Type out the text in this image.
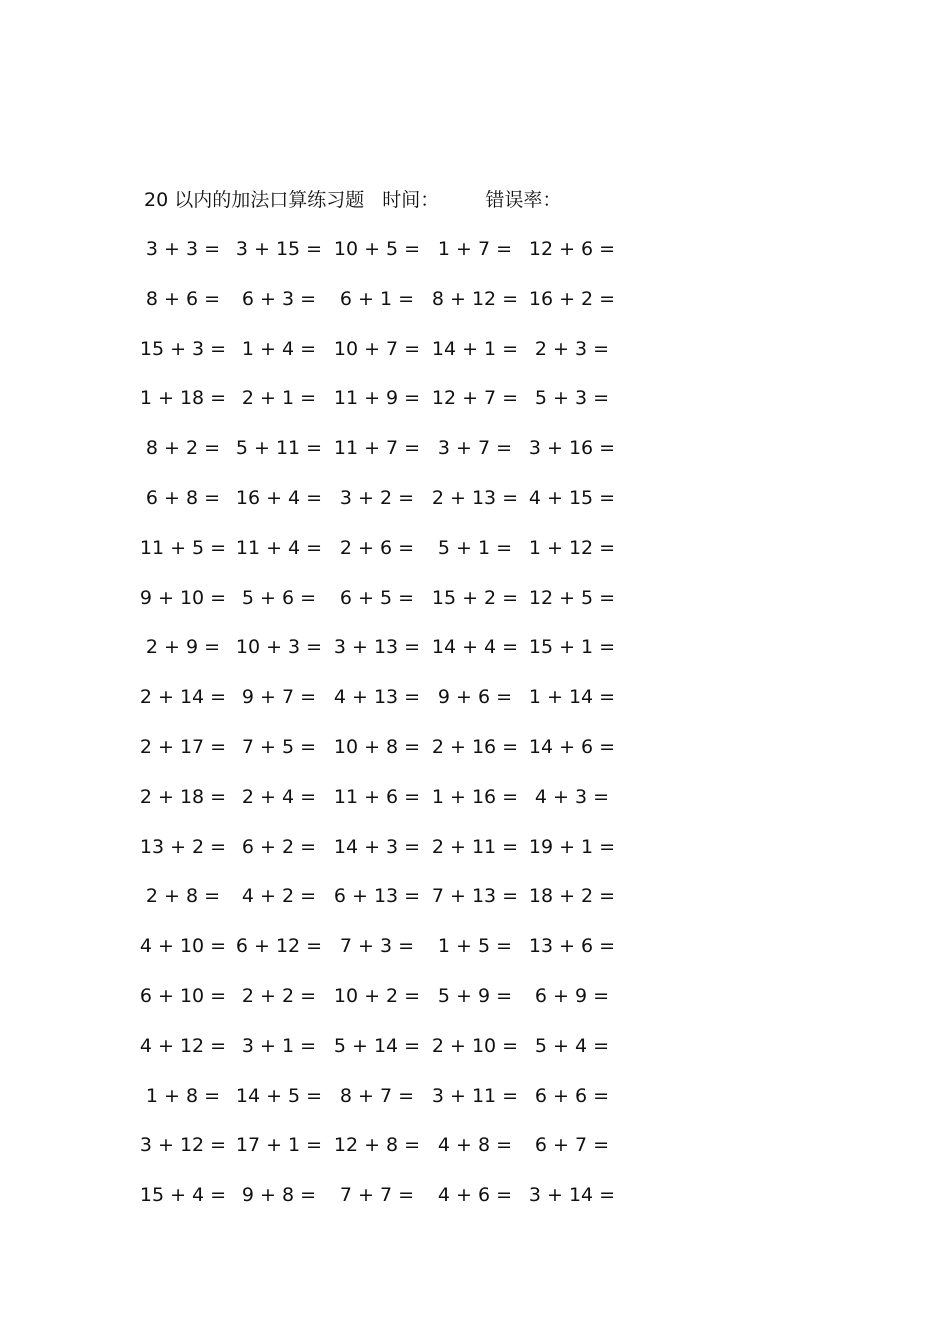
20 以内的加法口算练习题 时间： 错误率：
3 + 3 = 3 + 15 = 10 + 5 = 1 + 7 = 12 + 6 =
8 + 6 =	6 + 3 =	6 + 1 = 8 + 12 = 16 + 2 =
15 + 3 = 1 + 4 = 10 + 7 = 14 + 1 = 2 + 3 =
1 + 18 = 2 + 1 = 11 + 9 = 12 + 7 = 5 + 3 =
8 + 2 = 5 + 11 = 11 + 7 = 3 + 7 = 3 + 16 =
6 + 8 = 16 + 4 = 3 + 2 = 2 + 13 = 4 + 15 =
11 + 5 = 11 + 4 = 2 + 6 =	5 + 1 = 1 + 12 =
9 + 10 = 5 + 6 =	6 + 5 = 15 + 2 = 12 + 5 =
2 + 9 = 10 + 3 = 3 + 13 = 14 + 4 = 15 + 1 =
2 + 14 = 9 + 7 = 4 + 13 = 9 + 6 = 1 + 14 =
2 + 17 = 7 + 5 = 10 + 8 = 2 + 16 = 14 + 6 =
2 + 18 = 2 + 4 = 11 + 6 = 1 + 16 = 4 + 3 =
13 + 2 = 6 + 2 = 14 + 3 = 2 + 11 = 19 + 1 =
2 + 8 =	4 + 2 = 6 + 13 = 7 + 13 = 18 + 2 =
4 + 10 = 6 + 12 = 7 + 3 =	1 + 5 = 13 + 6 =
6 + 10 = 2 + 2 = 10 + 2 = 5 + 9 =	6 + 9 =
4 + 12 = 3 + 1 = 5 + 14 = 2 + 10 = 5 + 4 =
1 + 8 = 14 + 5 = 8 + 7 = 3 + 11 = 6 + 6 =
3 + 12 = 17 + 1 = 12 + 8 = 4 + 8 =	6 + 7 =
15 + 4 = 9 + 8 =	7 + 7 =	4 + 6 = 3 + 14 =
